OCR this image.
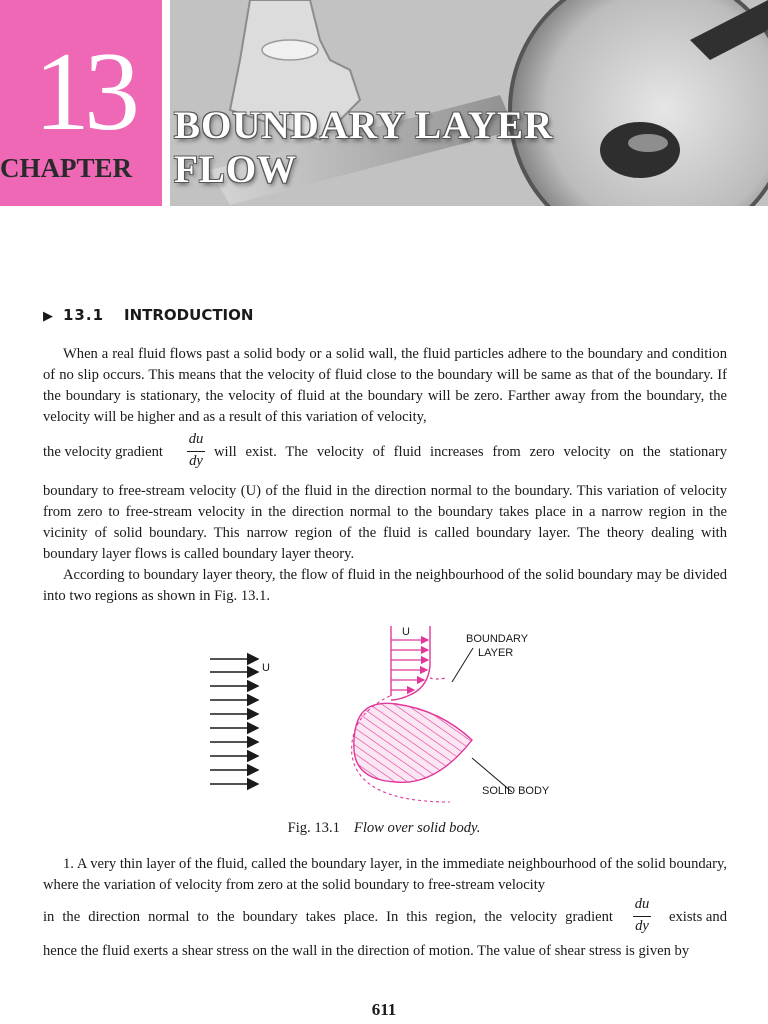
13
CHAPTER
BOUNDARY LAYER
FLOW
▶ 13.1 INTRODUCTION
When a real fluid flows past a solid body or a solid wall, the fluid particles adhere to the boundary and condition of no slip occurs. This means that the velocity of fluid close to the boundary will be same as that of the boundary. If the boundary is stationary, the velocity of fluid at the boundary will be zero. Farther away from the boundary, the velocity will be higher and as a result of this variation of velocity,
the velocity gradient
du
dy
will exist. The velocity of fluid increases from zero velocity on the stationary
boundary to free-stream velocity (U) of the fluid in the direction normal to the boundary. This variation of velocity from zero to free-stream velocity in the direction normal to the boundary takes place in a narrow region in the vicinity of solid boundary. This narrow region of the fluid is called boundary layer. The theory dealing with boundary layer flows is called boundary layer theory.
According to boundary layer theory, the flow of fluid in the neighbourhood of the solid boundary may be divided into two regions as shown in Fig. 13.1.
U
U
BOUNDARY
LAYER
SOLID BODY
Fig. 13.1 Flow over solid body.
1. A very thin layer of the fluid, called the boundary layer, in the immediate neighbourhood of the solid boundary, where the variation of velocity from zero at the solid boundary to free-stream velocity
in the direction normal to the boundary takes place. In this region, the velocity gradient
du
dy
exists and
hence the fluid exerts a shear stress on the wall in the direction of motion. The value of shear stress is given by
611
